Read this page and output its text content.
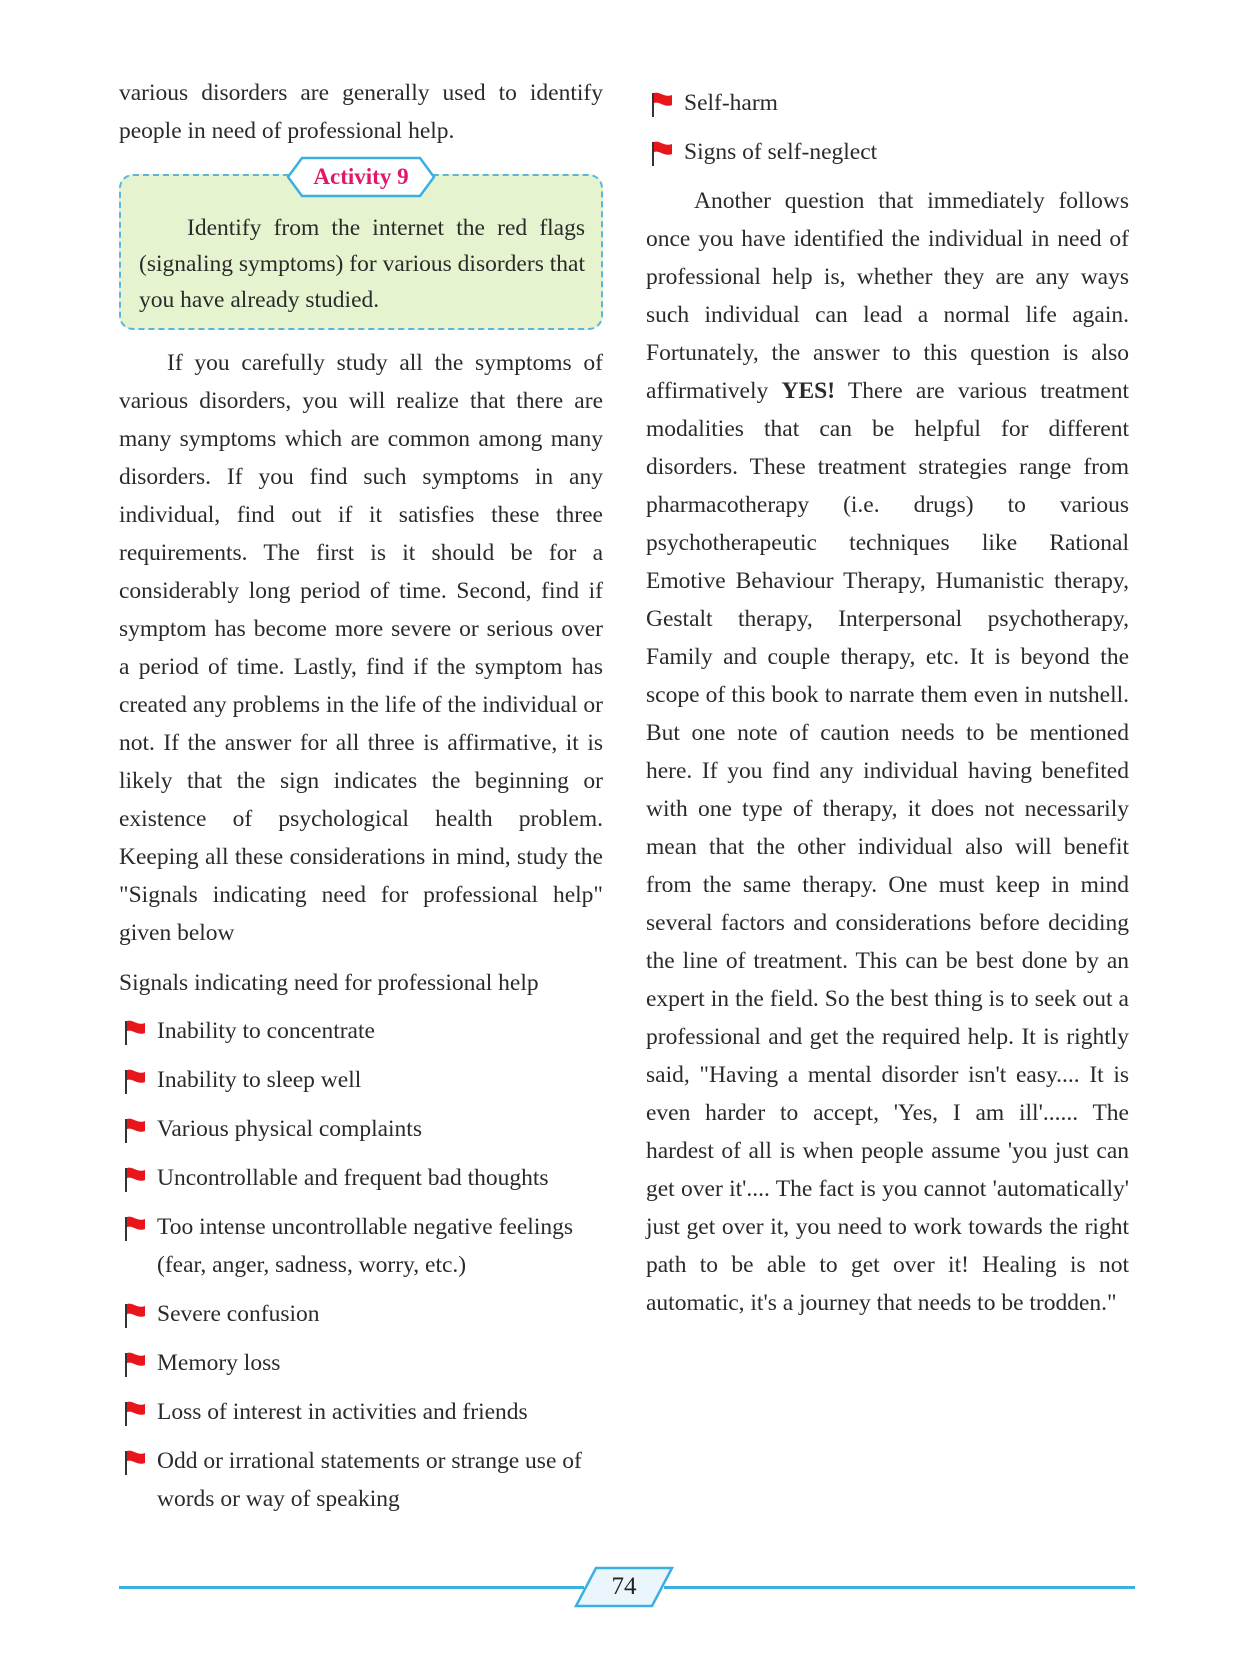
various disorders are generally used to identify people in need of professional help.

Activity 9

Identify from the internet the red flags (signaling symptoms) for various disorders that you have already studied.

If you carefully study all the symptoms of various disorders, you will realize that there are many symptoms which are common among many disorders. If you find such symptoms in any individual, find out if it satisfies these three requirements. The first is it should be for a considerably long period of time. Second, find if symptom has become more severe or serious over a period of time. Lastly, find if the symptom has created any problems in the life of the individual or not. If the answer for all three is affirmative, it is likely that the sign indicates the beginning or existence of psychological health problem. Keeping all these considerations in mind, study the "Signals indicating need for professional help" given below

Signals indicating need for professional help

Inability to concentrate
Inability to sleep well
Various physical complaints
Uncontrollable and frequent bad thoughts
Too intense uncontrollable negative feelings (fear, anger, sadness, worry, etc.)
Severe confusion
Memory loss
Loss of interest in activities and friends
Odd or irrational statements or strange use of words or way of speaking
Self-harm
Signs of self-neglect

Another question that immediately follows once you have identified the individual in need of professional help is, whether they are any ways such individual can lead a normal life again. Fortunately, the answer to this question is also affirmatively YES! There are various treatment modalities that can be helpful for different disorders. These treatment strategies range from pharmacotherapy (i.e. drugs) to various psychotherapeutic techniques like Rational Emotive Behaviour Therapy, Humanistic therapy, Gestalt therapy, Interpersonal psychotherapy, Family and couple therapy, etc. It is beyond the scope of this book to narrate them even in nutshell. But one note of caution needs to be mentioned here. If you find any individual having benefited with one type of therapy, it does not necessarily mean that the other individual also will benefit from the same therapy. One must keep in mind several factors and considerations before deciding the line of treatment. This can be best done by an expert in the field. So the best thing is to seek out a professional and get the required help. It is rightly said, "Having a mental disorder isn't easy.... It is even harder to accept, 'Yes, I am ill'...... The hardest of all is when people assume 'you just can get over it'.... The fact is you cannot 'automatically' just get over it, you need to work towards the right path to be able to get over it! Healing is not automatic, it's a journey that needs to be trodden."

74
